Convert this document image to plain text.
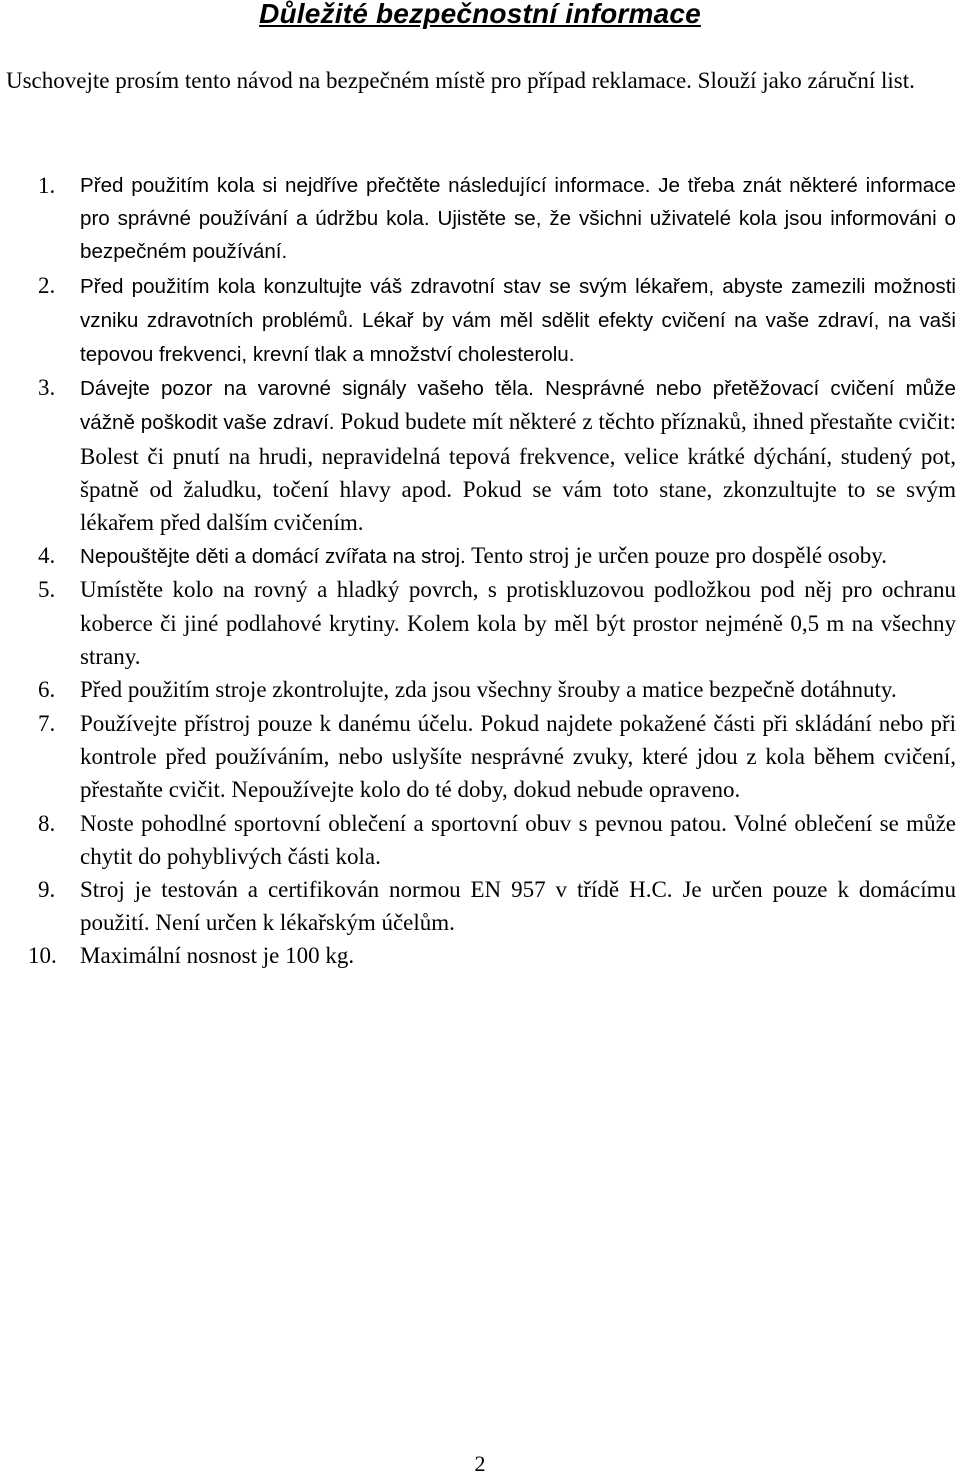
Důležité bezpečnostní informace

Uschovejte prosím tento návod na bezpečném místě pro případ reklamace. Slouží jako záruční list.

1.	Před použitím kola si nejdříve přečtěte následující informace. Je třeba znát některé informace pro správné používání a údržbu kola. Ujistěte se, že všichni uživatelé kola jsou informováni o bezpečném používání.
2.	Před použitím kola konzultujte váš zdravotní stav se svým lékařem, abyste zamezili možnosti vzniku zdravotních problémů. Lékař by vám měl sdělit efekty cvičení na vaše zdraví, na vaši tepovou frekvenci, krevní tlak a množství cholesterolu.
3.	Dávejte pozor na varovné signály vašeho těla. Nesprávné nebo přetěžovací cvičení může vážně poškodit vaše zdraví. Pokud budete mít některé z těchto příznaků, ihned přestaňte cvičit: Bolest či pnutí na hrudi, nepravidelná tepová frekvence, velice krátké dýchání, studený pot, špatně od žaludku, točení hlavy apod. Pokud se vám toto stane, zkonzultujte to se svým lékařem před dalším cvičením.
4.	Nepouštějte děti a domácí zvířata na stroj. Tento stroj je určen pouze pro dospělé osoby.
5.	Umístěte kolo na rovný a hladký povrch, s protiskluzovou podložkou pod něj pro ochranu koberce či jiné podlahové krytiny. Kolem kola by měl být prostor nejméně 0,5 m na všechny strany.
6.	Před použitím stroje zkontrolujte, zda jsou všechny šrouby a matice bezpečně dotáhnuty.
7.	Používejte přístroj pouze k danému účelu. Pokud najdete pokažené části při skládání nebo při kontrole před používáním, nebo uslyšíte nesprávné zvuky, které jdou z kola během cvičení, přestaňte cvičit. Nepoužívejte kolo do té doby, dokud nebude opraveno.
8.	Noste pohodlné sportovní oblečení a sportovní obuv s pevnou patou. Volné oblečení se může chytit do pohyblivých části kola.
9.	Stroj je testován a certifikován normou EN 957 v třídě H.C. Je určen pouze k domácímu použití. Není určen k lékařským účelům.
10.	Maximální nosnost je 100 kg.
2
